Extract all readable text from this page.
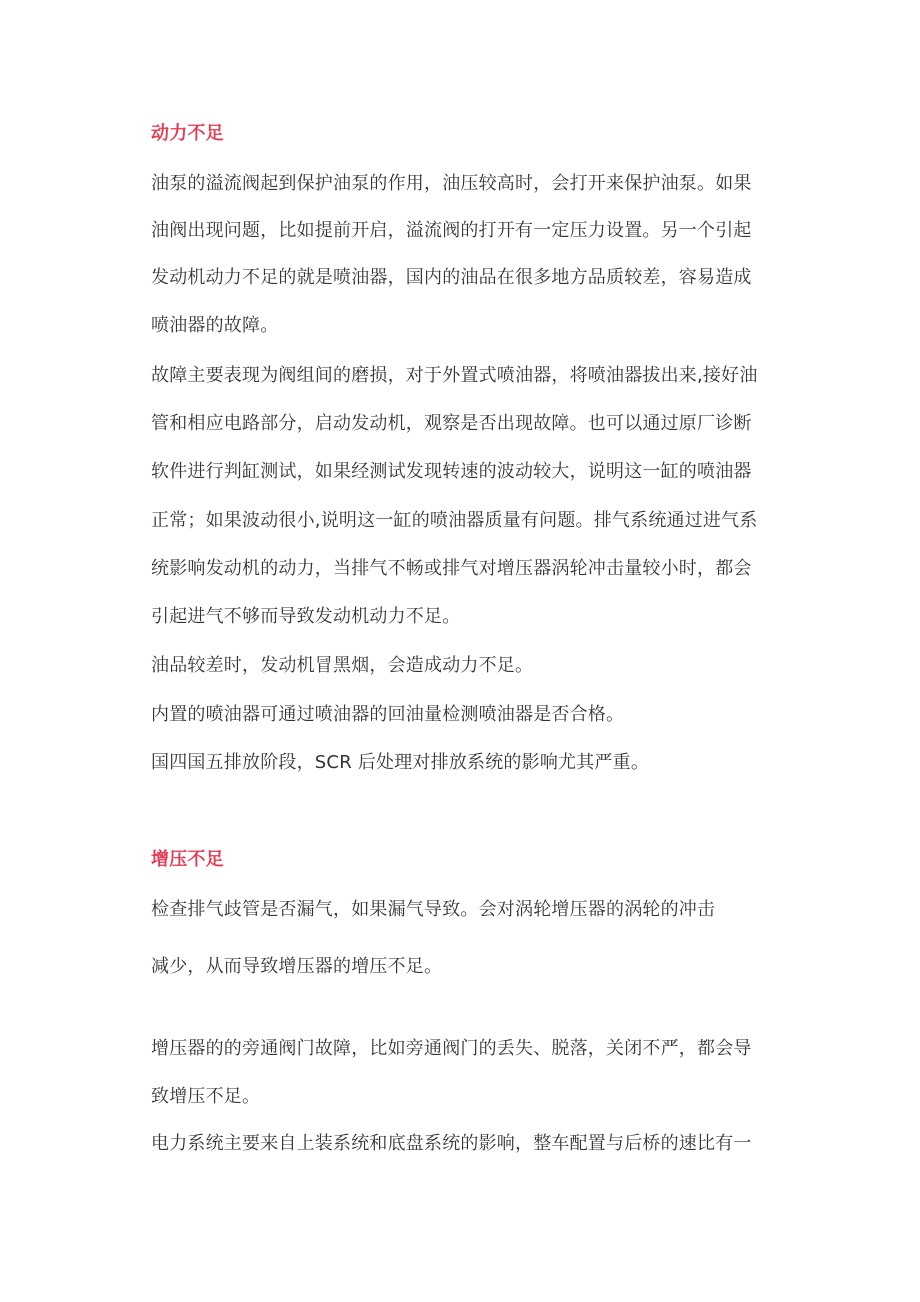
动力不足
油泵的溢流阀起到保护油泵的作用，油压较高时，会打开来保护油泵。如果
油阀出现问题，比如提前开启，溢流阀的打开有一定压力设置。另一个引起
发动机动力不足的就是喷油器，国内的油品在很多地方品质较差，容易造成
喷油器的故障。
故障主要表现为阀组间的磨损，对于外置式喷油器，将喷油器拔出来,接好油
管和相应电路部分，启动发动机，观察是否出现故障。也可以通过原厂诊断
软件进行判缸测试，如果经测试发现转速的波动较大，说明这一缸的喷油器
正常；如果波动很小,说明这一缸的喷油器质量有问题。排气系统通过进气系
统影响发动机的动力，当排气不畅或排气对增压器涡轮冲击量较小时，都会
引起进气不够而导致发动机动力不足。
油品较差时，发动机冒黑烟，会造成动力不足。
内置的喷油器可通过喷油器的回油量检测喷油器是否合格。
国四国五排放阶段，SCR 后处理对排放系统的影响尤其严重。
增压不足
检查排气歧管是否漏气，如果漏气导致。会对涡轮增压器的涡轮的冲击
减少，从而导致增压器的增压不足。
增压器的的旁通阀门故障，比如旁通阀门的丢失、脱落，关闭不严，都会导
致增压不足。
电力系统主要来自上装系统和底盘系统的影响，整车配置与后桥的速比有一
